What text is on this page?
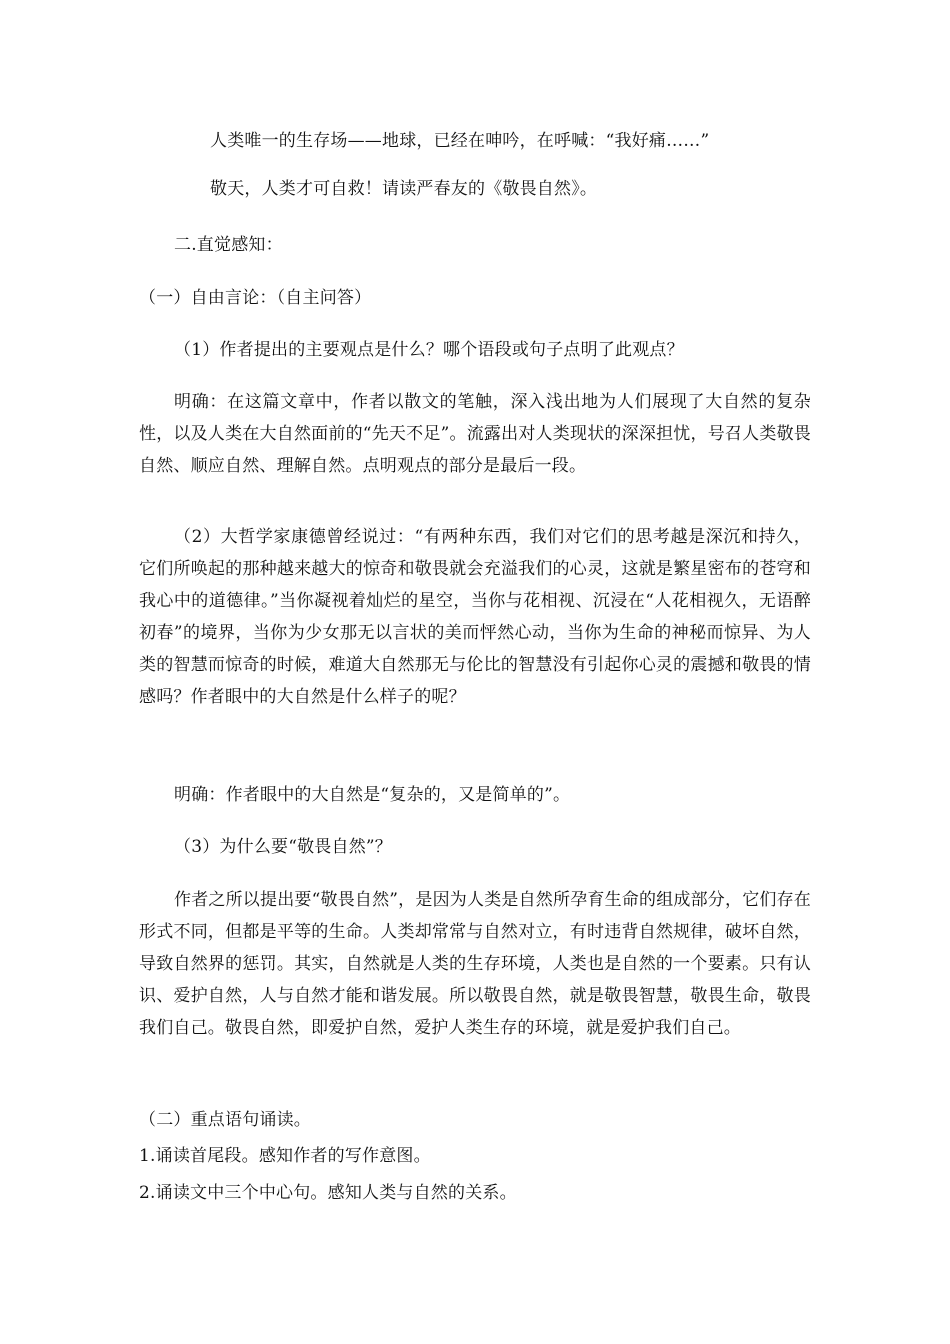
人类唯一的生存场——地球，已经在呻吟，在呼喊：“我好痛……”
敬天，人类才可自救！请读严春友的《敬畏自然》。
二.直觉感知：
（一）自由言论：（自主问答）
（1）作者提出的主要观点是什么？哪个语段或句子点明了此观点？
明确：在这篇文章中，作者以散文的笔触，深入浅出地为人们展现了大自然的复杂性，以及人类在大自然面前的“先天不足”。流露出对人类现状的深深担忧，号召人类敬畏自然、顺应自然、理解自然。点明观点的部分是最后一段。
（2）大哲学家康德曾经说过：“有两种东西，我们对它们的思考越是深沉和持久，它们所唤起的那种越来越大的惊奇和敬畏就会充溢我们的心灵，这就是繁星密布的苍穹和我心中的道德律。”当你凝视着灿烂的星空，当你与花相视、沉浸在“人花相视久，无语醉初春”的境界，当你为少女那无以言状的美而怦然心动，当你为生命的神秘而惊异、为人类的智慧而惊奇的时候，难道大自然那无与伦比的智慧没有引起你心灵的震撼和敬畏的情感吗？作者眼中的大自然是什么样子的呢？
明确：作者眼中的大自然是“复杂的，又是简单的”。
（3）为什么要“敬畏自然”？
作者之所以提出要“敬畏自然”，是因为人类是自然所孕育生命的组成部分，它们存在形式不同，但都是平等的生命。人类却常常与自然对立，有时违背自然规律，破坏自然，导致自然界的惩罚。其实，自然就是人类的生存环境，人类也是自然的一个要素。只有认识、爱护自然，人与自然才能和谐发展。所以敬畏自然，就是敬畏智慧，敬畏生命，敬畏我们自己。敬畏自然，即爱护自然，爱护人类生存的环境，就是爱护我们自己。
（二）重点语句诵读。
1.诵读首尾段。感知作者的写作意图。
2.诵读文中三个中心句。感知人类与自然的关系。
